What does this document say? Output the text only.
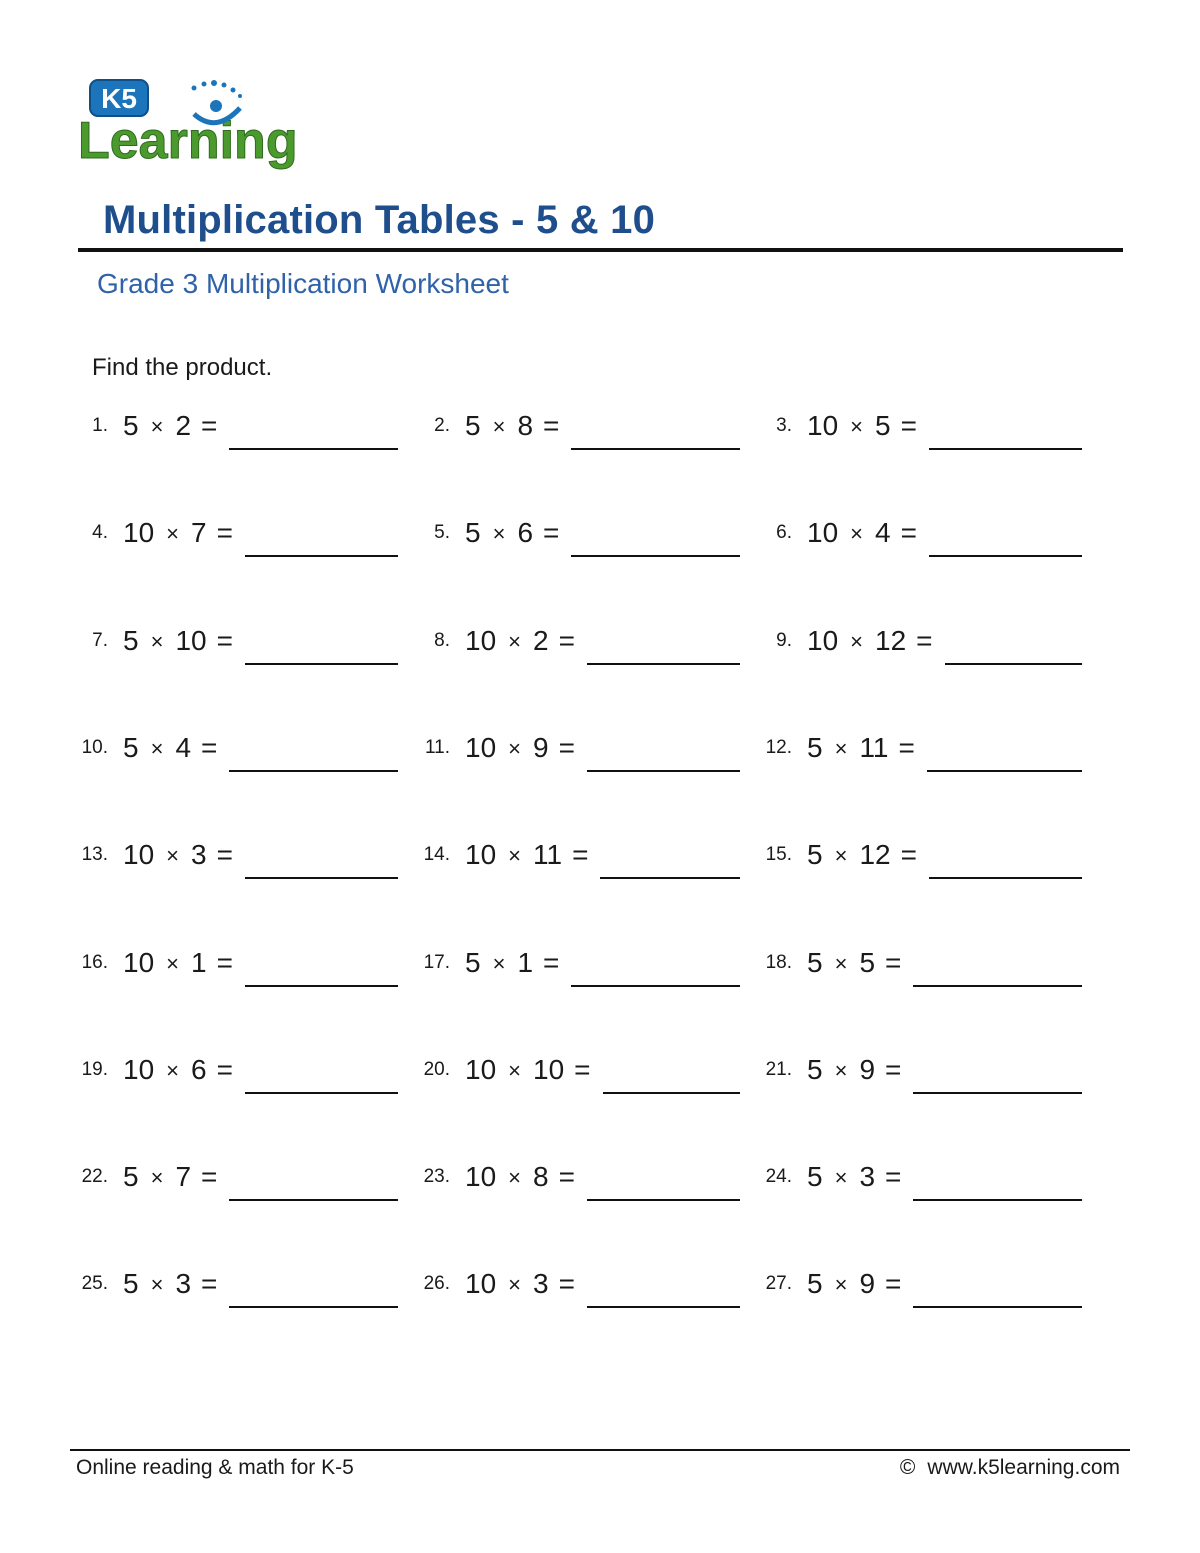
K5
Learning
Multiplication Tables - 5 & 10
Grade 3 Multiplication Worksheet
Find the product.
1. 5 × 2 =	2. 5 × 8 =	3. 10 × 5 =
4. 10 × 7 =	5. 5 × 6 =	6. 10 × 4 =
7. 5 × 10 =	8. 10 × 2 =	9. 10 × 12 =
10. 5 × 4 =	11. 10 × 9 =	12. 5 × 11 =
13. 10 × 3 =	14. 10 × 11 =	15. 5 × 12 =
16. 10 × 1 =	17. 5 × 1 =	18. 5 × 5 =
19. 10 × 6 =	20. 10 × 10 =	21. 5 × 9 =
22. 5 × 7 =	23. 10 × 8 =	24. 5 × 3 =
25. 5 × 3 =	26. 10 × 3 =	27. 5 × 9 =
Online reading & math for K-5	© www.k5learning.com
